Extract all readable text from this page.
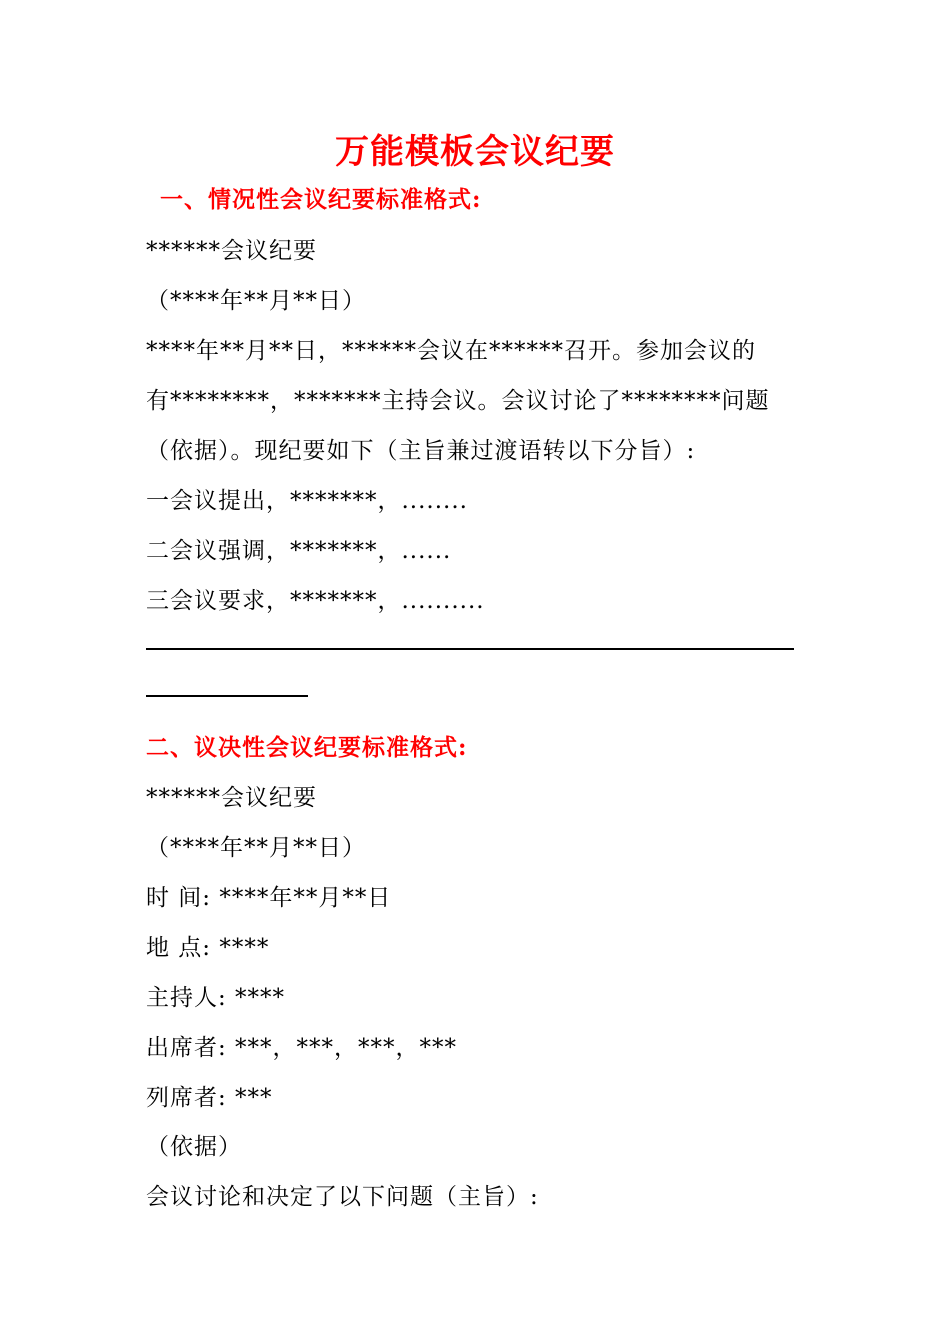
万能模板会议纪要
一、情况性会议纪要标准格式:
******会议纪要
（****年**月**日）
****年**月**日，******会议在******召开。参加会议的
有********，*******主持会议。会议讨论了********问题
（依据）。现纪要如下（主旨兼过渡语转以下分旨）:
一会议提出，*******，........
二会议强调，*******，......
三会议要求，*******，..........
二、议决性会议纪要标准格式:
******会议纪要
（****年**月**日）
时 间: ****年**月**日
地 点: ****
主持人: ****
出席者: ***，***，***，***
列席者: ***
（依据）
会议讨论和决定了以下问题（主旨）:
